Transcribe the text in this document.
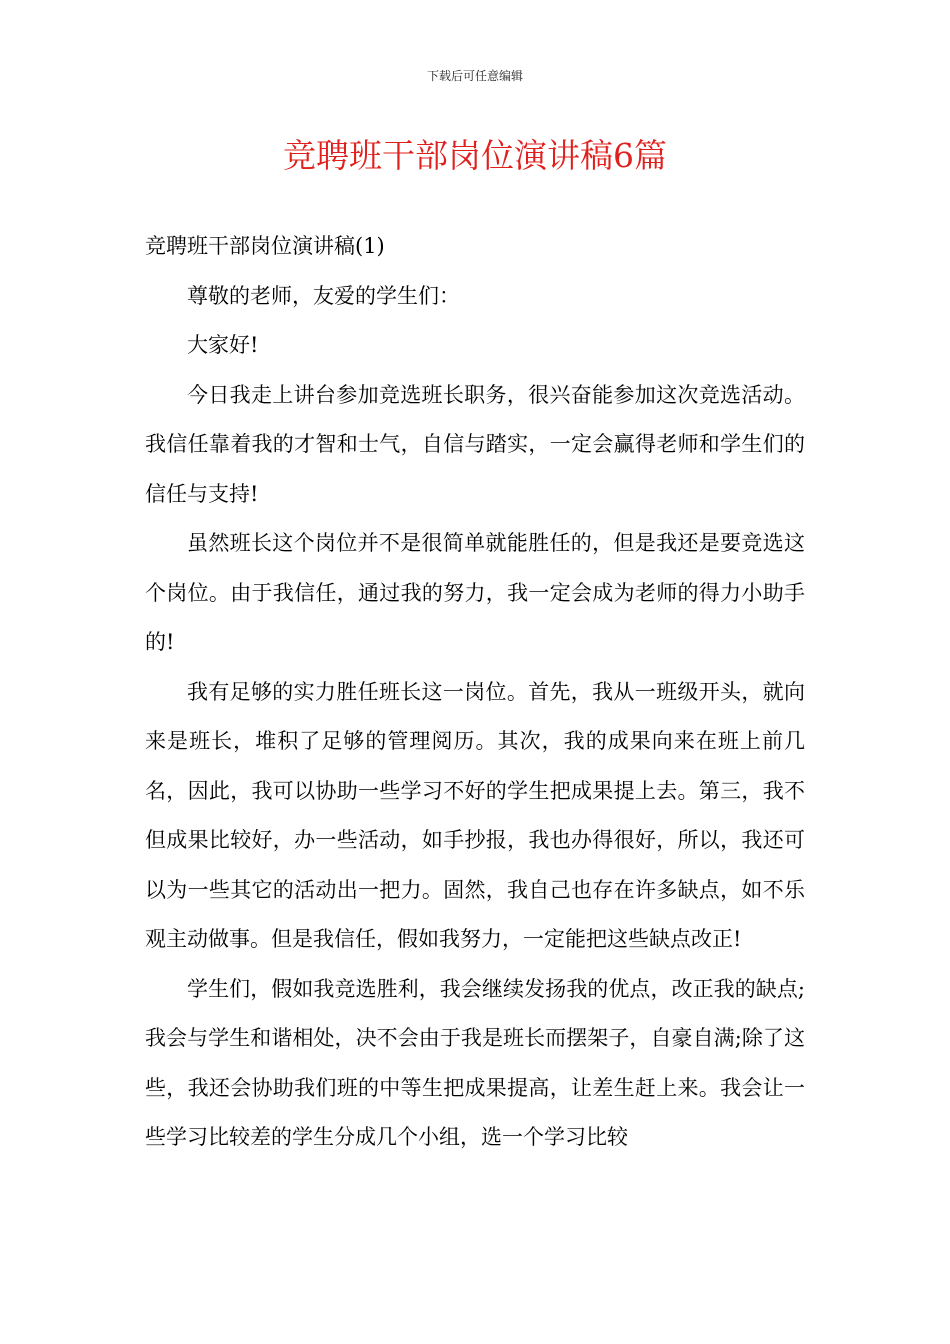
下载后可任意编辑
竞聘班干部岗位演讲稿6篇

竞聘班干部岗位演讲稿(1)

尊敬的老师，友爱的学生们：

大家好!

今日我走上讲台参加竞选班长职务，很兴奋能参加这次竞选活动。我信任靠着我的才智和士气，自信与踏实，一定会赢得老师和学生们的信任与支持!

虽然班长这个岗位并不是很简单就能胜任的，但是我还是要竞选这个岗位。由于我信任，通过我的努力，我一定会成为老师的得力小助手的!

我有足够的实力胜任班长这一岗位。首先，我从一班级开头，就向来是班长，堆积了足够的管理阅历。其次，我的成果向来在班上前几名，因此，我可以协助一些学习不好的学生把成果提上去。第三，我不但成果比较好，办一些活动，如手抄报，我也办得很好，所以，我还可以为一些其它的活动出一把力。固然，我自己也存在许多缺点，如不乐观主动做事。但是我信任，假如我努力，一定能把这些缺点改正!

学生们，假如我竞选胜利，我会继续发扬我的优点，改正我的缺点;我会与学生和谐相处，决不会由于我是班长而摆架子，自豪自满;除了这些，我还会协助我们班的中等生把成果提高，让差生赶上来。我会让一些学习比较差的学生分成几个小组，选一个学习比较
